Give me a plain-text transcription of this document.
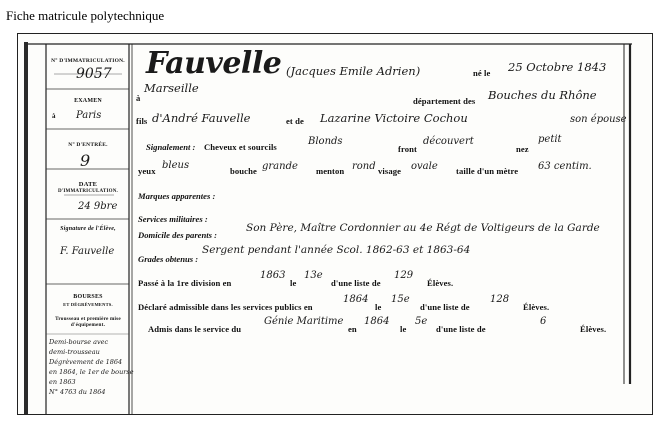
Fiche matricule polytechnique
N° D'IMMATRICULATION.
9057
EXAMEN
à Paris
N° D'ENTRÉE.
9
DATE
D'IMMATRICULATION.
24 9bre
Signature de l'Élève,
F. Fauvelle
BOURSES
ET DÉGRÈVEMENTS.
Trousseau et première mise d'équipement.
Demi-bourse avec
demi-trousseau
Dégrèvement de 1864
en 1864, le 1er de bourse
en 1863
N° 4763 du 1864
Fauvelle (Jacques Emile Adrien)	né le 25 Octobre 1843
à
Marseille
département des Bouches du Rhône
fils d'André Fauvelle	et de Lazarine Victoire Cochou	son épouse
Signalement : Cheveux et sourcils	Blonds
front
découvert
nez
petit
yeux bleus	bouche grande menton rond visage ovale taille d'un mètre 63 centim.
Marques apparentes :
Services militaires :
Domicile des parents :
Son Père, Maître Cordonnier au 4e Régt de Voltigeurs de la Garde
Grades obtenus :
Sergent pendant l'année Scol. 1862-63 et 1863-64
Passé à la 1re division en
1863
le
13e
d'une liste de
129
Élèves.
Déclaré admissible dans les services publics en
1864
le
15e
d'une liste de
128
Élèves.
Admis dans le service du
Génie Maritime
en
1864
le
5e
d'une liste de
6
Élèves.
